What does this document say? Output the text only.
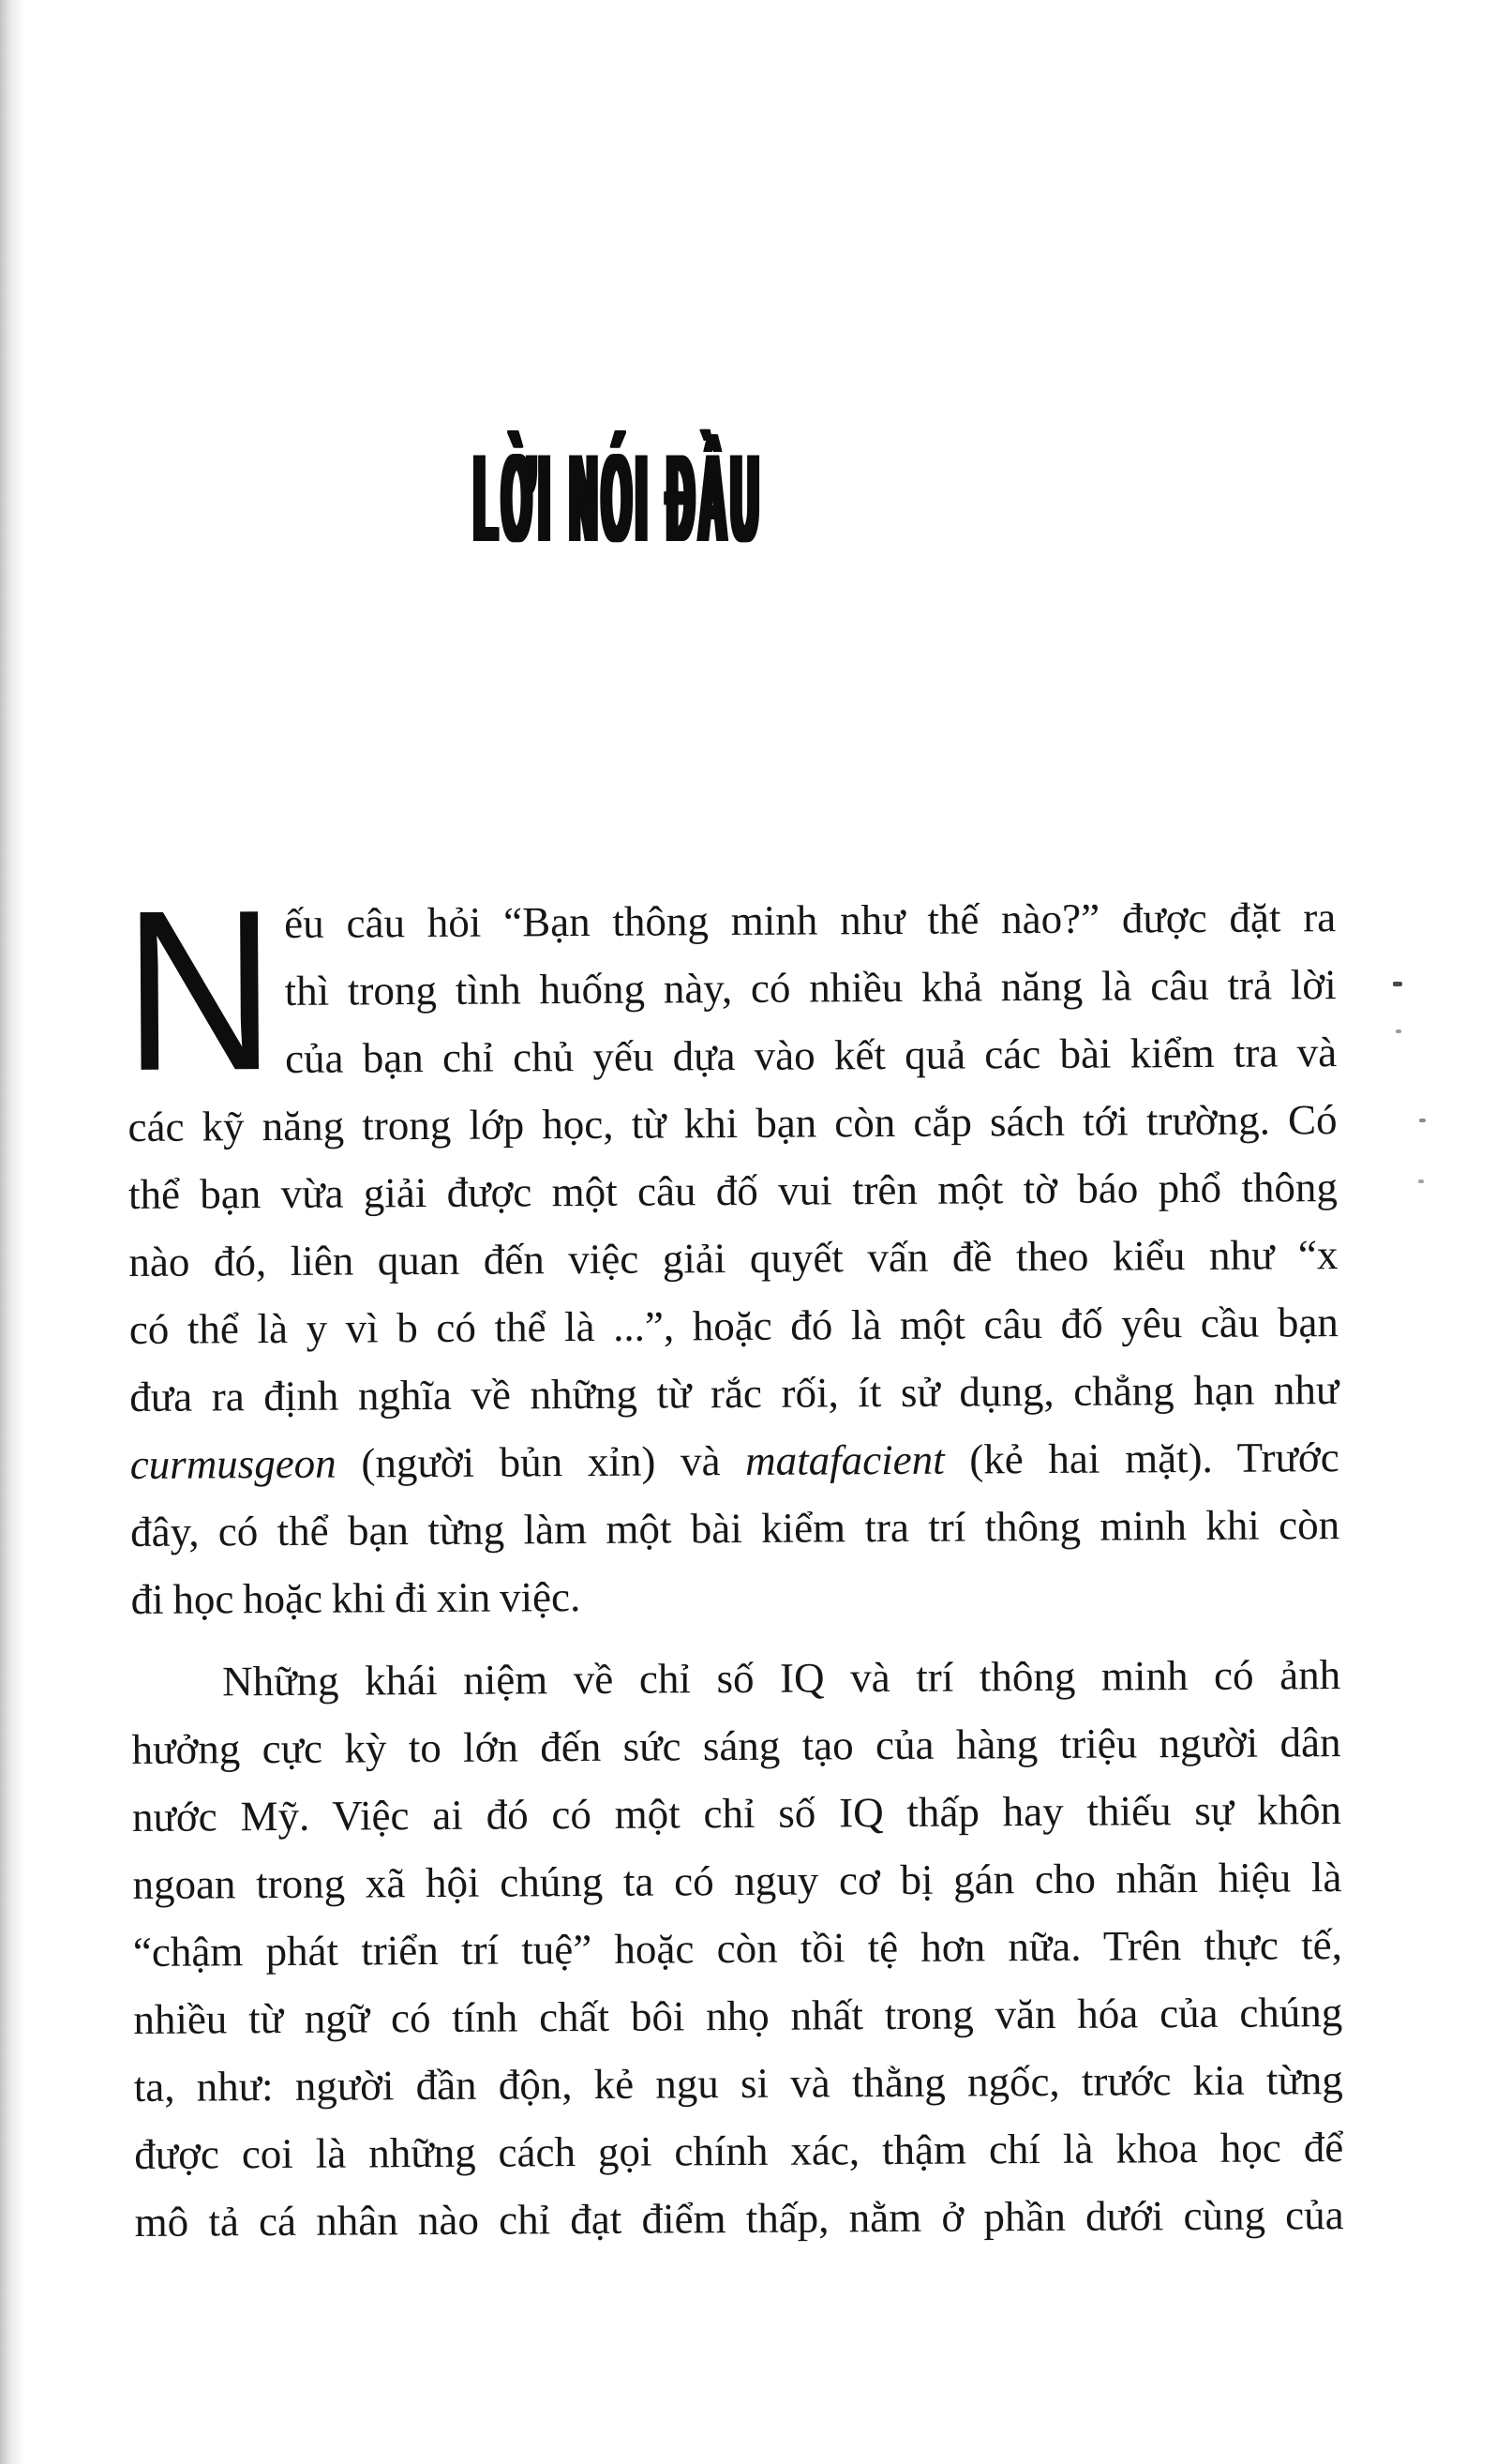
LỜI NÓI ĐẦU
N ếu câu hỏi “Bạn thông minh như thế nào?” được đặt ra
thì trong tình huống này, có nhiều khả năng là câu trả lời
của bạn chỉ chủ yếu dựa vào kết quả các bài kiểm tra và
các kỹ năng trong lớp học, từ khi bạn còn cắp sách tới trường. Có
thể bạn vừa giải được một câu đố vui trên một tờ báo phổ thông
nào đó, liên quan đến việc giải quyết vấn đề theo kiểu như “x
có thể là y vì b có thể là ...”, hoặc đó là một câu đố yêu cầu bạn
đưa ra định nghĩa về những từ rắc rối, ít sử dụng, chẳng hạn như
curmusgeon (người bủn xỉn) và matafacient (kẻ hai mặt). Trước
đây, có thể bạn từng làm một bài kiểm tra trí thông minh khi còn
đi học hoặc khi đi xin việc.
Những khái niệm về chỉ số IQ và trí thông minh có ảnh
hưởng cực kỳ to lớn đến sức sáng tạo của hàng triệu người dân
nước Mỹ. Việc ai đó có một chỉ số IQ thấp hay thiếu sự khôn
ngoan trong xã hội chúng ta có nguy cơ bị gán cho nhãn hiệu là
“chậm phát triển trí tuệ” hoặc còn tồi tệ hơn nữa. Trên thực tế,
nhiều từ ngữ có tính chất bôi nhọ nhất trong văn hóa của chúng
ta, như: người đần độn, kẻ ngu si và thằng ngốc, trước kia từng
được coi là những cách gọi chính xác, thậm chí là khoa học để
mô tả cá nhân nào chỉ đạt điểm thấp, nằm ở phần dưới cùng của
